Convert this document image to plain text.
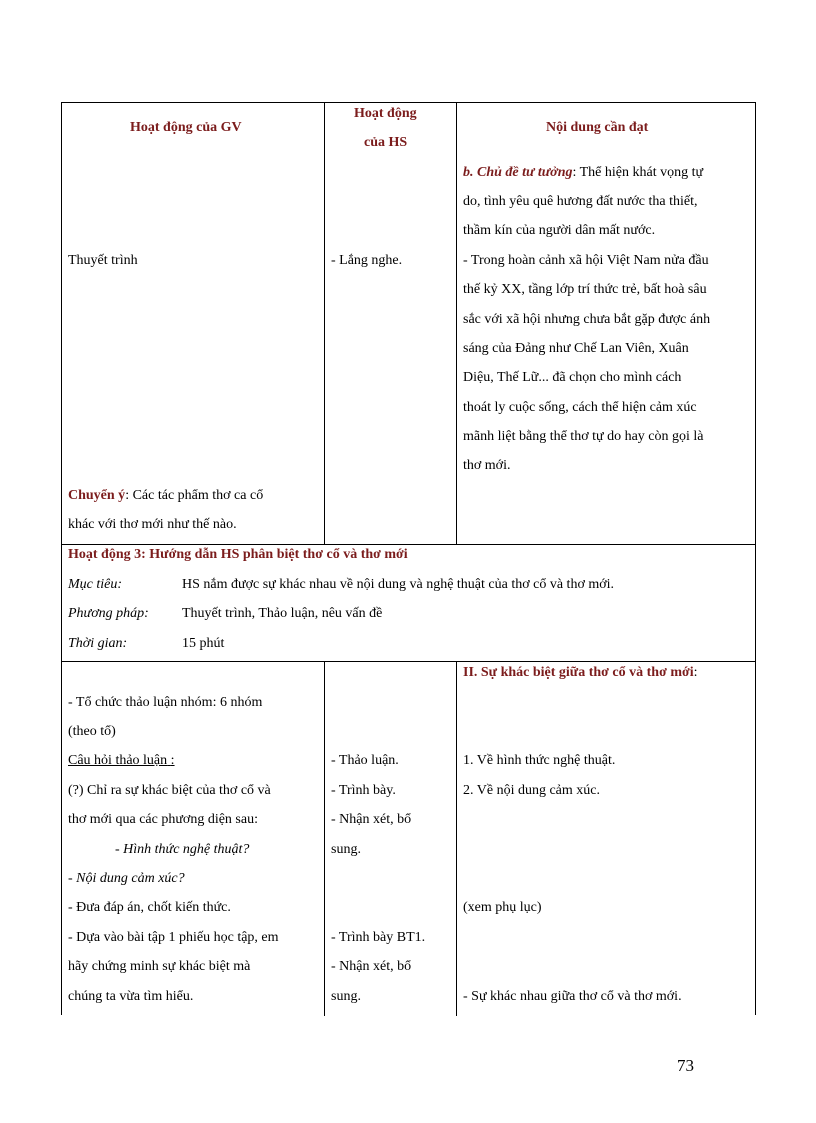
Hoạt động của GV
Hoạt động
của HS
Nội dung cần đạt
Thuyết trình
Chuyển ý: Các tác phẩm thơ ca cổ
khác với thơ mới như thế nào.
- Lắng nghe.
b. Chủ đề tư tưởng: Thể hiện khát vọng tự
do, tình yêu quê hương đất nước tha thiết,
thầm kín của người dân mất nước.
- Trong hoàn cảnh xã hội Việt Nam nửa đầu
thế kỷ XX, tầng lớp trí thức trẻ, bất hoà sâu
sắc với xã hội nhưng chưa bắt gặp được ánh
sáng của Đảng như Chế Lan Viên, Xuân
Diệu, Thế Lữ... đã chọn cho mình cách
thoát ly cuộc sống, cách thể hiện cảm xúc
mãnh liệt bằng thể thơ tự do hay còn gọi là
thơ mới.
Hoạt động 3: Hướng dẫn HS phân biệt thơ cổ và thơ mới
Mục tiêu:	HS nắm được sự khác nhau về nội dung và nghệ thuật của thơ cổ và thơ mới.
Phương pháp: Thuyết trình, Thảo luận, nêu vấn đề
Thời gian:	15 phút
- Tổ chức thảo luận nhóm: 6 nhóm
(theo tổ)
Câu hỏi thảo luận :
(?) Chỉ ra sự khác biệt của thơ cổ và
thơ mới qua các phương diện sau:
- Hình thức nghệ thuật?
- Nội dung cảm xúc?
- Đưa đáp án, chốt kiến thức.
- Dựa vào bài tập 1 phiếu học tập, em
hãy chứng minh sự khác biệt mà
chúng ta vừa tìm hiểu.
- Thảo luận.
- Trình bày.
- Nhận xét, bổ
sung.
- Trình bày BT1.
- Nhận xét, bổ
sung.
II. Sự khác biệt giữa thơ cổ và thơ mới:
1. Về hình thức nghệ thuật.
2. Về nội dung cảm xúc.
(xem phụ lục)
- Sự khác nhau giữa thơ cổ và thơ mới.
73
